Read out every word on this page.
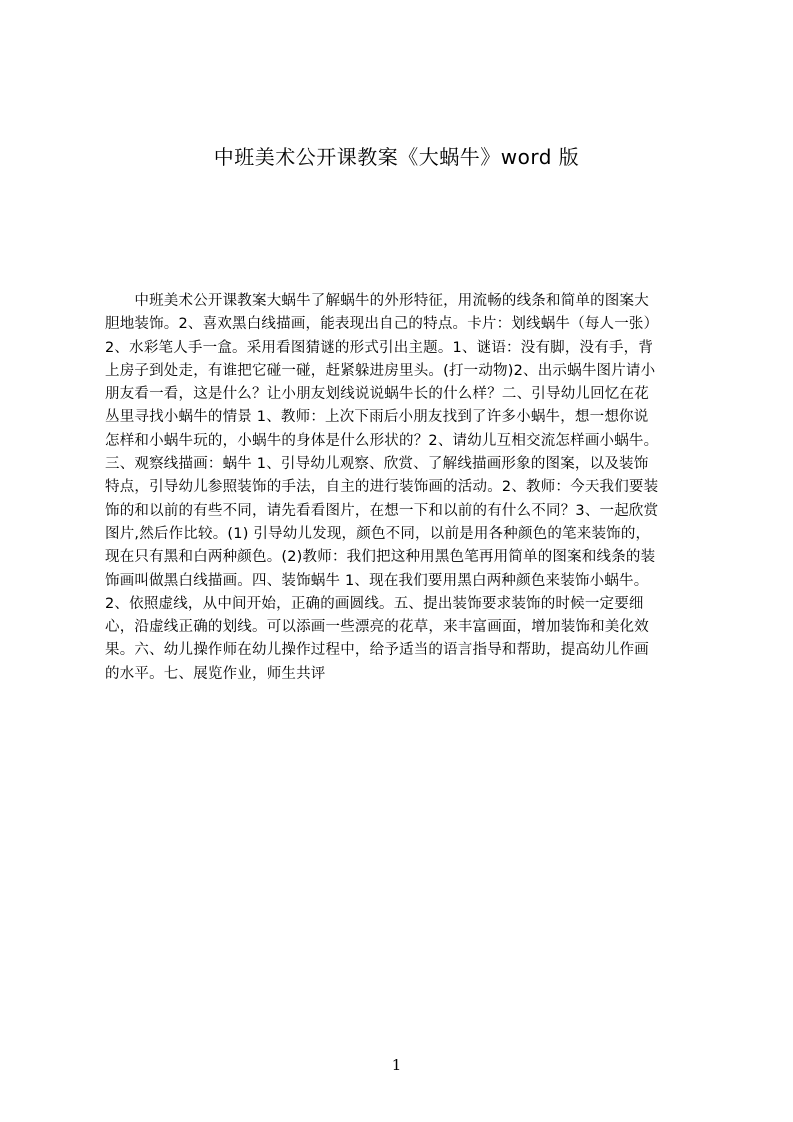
中班美术公开课教案《大蜗牛》word 版
　　中班美术公开课教案大蜗牛了解蜗牛的外形特征，用流畅的线条和简单的图案大
胆地装饰。2、喜欢黑白线描画，能表现出自己的特点。卡片：划线蜗牛（每人一张）
2、水彩笔人手一盒。采用看图猜谜的形式引出主题。1、谜语：没有脚，没有手，背
上房子到处走，有谁把它碰一碰，赶紧躲进房里头。(打一动物)2、出示蜗牛图片请小
朋友看一看，这是什么？让小朋友划线说说蜗牛长的什么样？二、引导幼儿回忆在花
丛里寻找小蜗牛的情景 1、教师：上次下雨后小朋友找到了许多小蜗牛，想一想你说
怎样和小蜗牛玩的，小蜗牛的身体是什么形状的？2、请幼儿互相交流怎样画小蜗牛。
三、观察线描画：蜗牛 1、引导幼儿观察、欣赏、了解线描画形象的图案，以及装饰
特点，引导幼儿参照装饰的手法，自主的进行装饰画的活动。2、教师：今天我们要装
饰的和以前的有些不同，请先看看图片，在想一下和以前的有什么不同？3、一起欣赏
图片,然后作比较。(1) 引导幼儿发现，颜色不同，以前是用各种颜色的笔来装饰的，
现在只有黑和白两种颜色。(2)教师：我们把这种用黑色笔再用简单的图案和线条的装
饰画叫做黑白线描画。四、装饰蜗牛 1、现在我们要用黑白两种颜色来装饰小蜗牛。
2、依照虚线，从中间开始，正确的画圆线。五、提出装饰要求装饰的时候一定要细
心，沿虚线正确的划线。可以添画一些漂亮的花草，来丰富画面，增加装饰和美化效
果。六、幼儿操作师在幼儿操作过程中，给予适当的语言指导和帮助，提高幼儿作画
的水平。七、展览作业，师生共评
1
